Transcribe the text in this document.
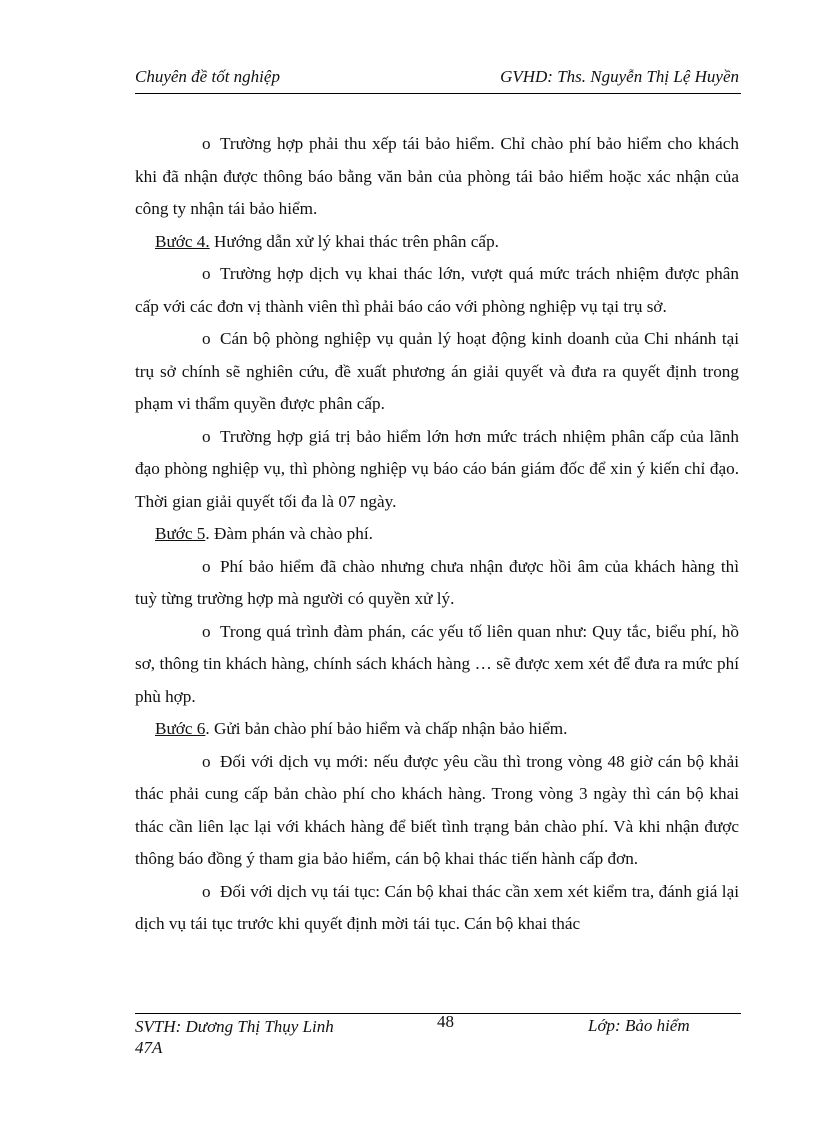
Chuyên đề tốt nghiệp	GVHD: Ths. Nguyễn Thị Lệ Huyền

o Trường hợp phải thu xếp tái bảo hiểm. Chỉ chào phí bảo hiểm cho khách khi đã nhận được thông báo bằng văn bản của phòng tái bảo hiểm hoặc xác nhận của công ty nhận tái bảo hiểm.

Bước 4. Hướng dẫn xử lý khai thác trên phân cấp.

o Trường hợp dịch vụ khai thác lớn, vượt quá mức trách nhiệm được phân cấp với các đơn vị thành viên thì phải báo cáo với phòng nghiệp vụ tại trụ sở.

o Cán bộ phòng nghiệp vụ quản lý hoạt động kinh doanh của Chi nhánh tại trụ sở chính sẽ nghiên cứu, đề xuất phương án giải quyết và đưa ra quyết định trong phạm vi thẩm quyền được phân cấp.

o Trường hợp giá trị bảo hiểm lớn hơn mức trách nhiệm phân cấp của lãnh đạo phòng nghiệp vụ, thì phòng nghiệp vụ báo cáo bán giám đốc để xin ý kiến chỉ đạo. Thời gian giải quyết tối đa là 07 ngày.

Bước 5. Đàm phán và chào phí.

o Phí bảo hiểm đã chào nhưng chưa nhận được hồi âm của khách hàng thì tuỳ từng trường hợp mà người có quyền xử lý.

o Trong quá trình đàm phán, các yếu tố liên quan như: Quy tắc, biểu phí, hồ sơ, thông tin khách hàng, chính sách khách hàng … sẽ được xem xét để đưa ra mức phí phù hợp.

Bước 6. Gửi bản chào phí bảo hiểm và chấp nhận bảo hiểm.

o Đối với dịch vụ mới: nếu được yêu cầu thì trong vòng 48 giờ cán bộ khải thác phải cung cấp bản chào phí cho khách hàng. Trong vòng 3 ngày thì cán bộ khai thác cần liên lạc lại với khách hàng để biết tình trạng bản chào phí. Và khi nhận được thông báo đồng ý tham gia bảo hiểm, cán bộ khai thác tiến hành cấp đơn.

o Đối với dịch vụ tái tục: Cán bộ khai thác cần xem xét kiểm tra, đánh giá lại dịch vụ tái tục trước khi quyết định mời tái tục. Cán bộ khai thác

SVTH: Dương Thị Thụy Linh
47A
48	Lớp: Bảo hiểm
